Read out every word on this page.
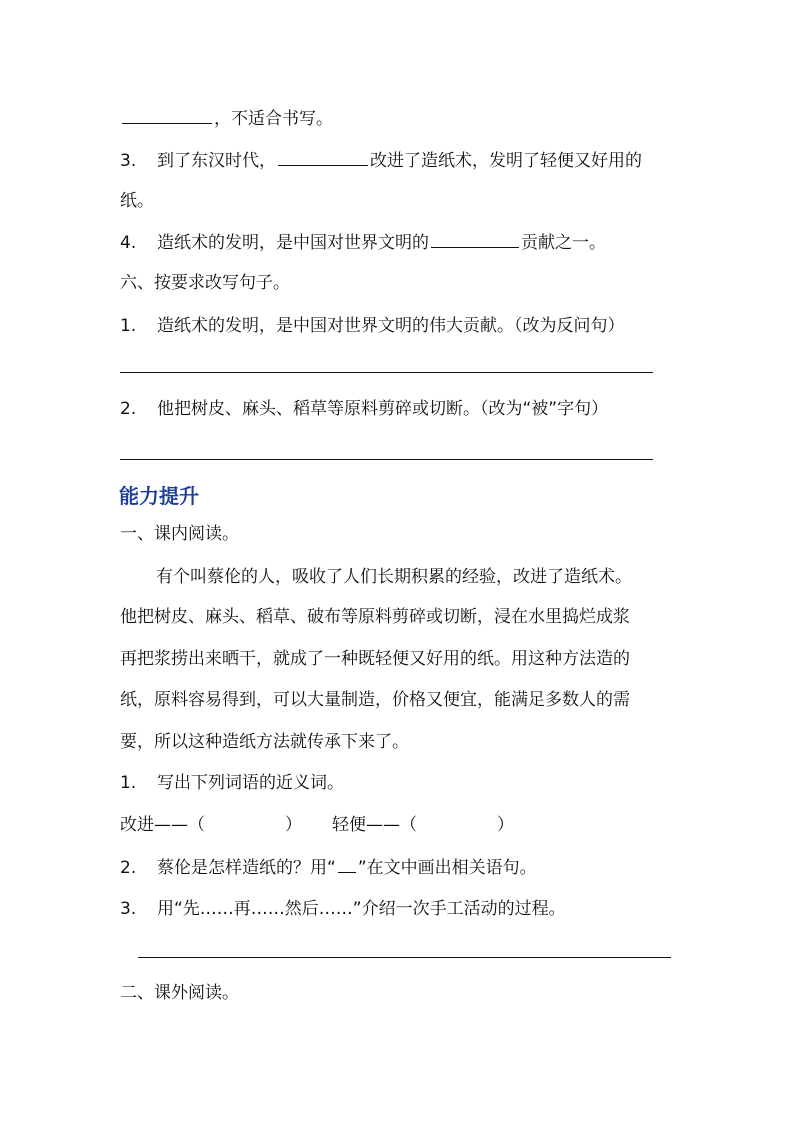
，不适合书写。
3. 到了东汉时代，	改进了造纸术，发明了轻便又好用的
纸。
4. 造纸术的发明，是中国对世界文明的	贡献之一。
六、按要求改写句子。
1. 造纸术的发明，是中国对世界文明的伟大贡献。（改为反问句）
2. 他把树皮、麻头、稻草等原料剪碎或切断。（改为“被”字句）
能力提升
一、课内阅读。
有个叫蔡伦的人，吸收了人们长期积累的经验，改进了造纸术。
他把树皮、麻头、稻草、破布等原料剪碎或切断，浸在水里捣烂成浆
再把浆捞出来晒干，就成了一种既轻便又好用的纸。用这种方法造的
纸，原料容易得到，可以大量制造，价格又便宜，能满足多数人的需
要，所以这种造纸方法就传承下来了。
1. 写出下列词语的近义词。
改进——（	） 轻便——（	）
2. 蔡伦是怎样造纸的？用“ ”在文中画出相关语句。
3. 用“先……再……然后……”介绍一次手工活动的过程。
二、课外阅读。
